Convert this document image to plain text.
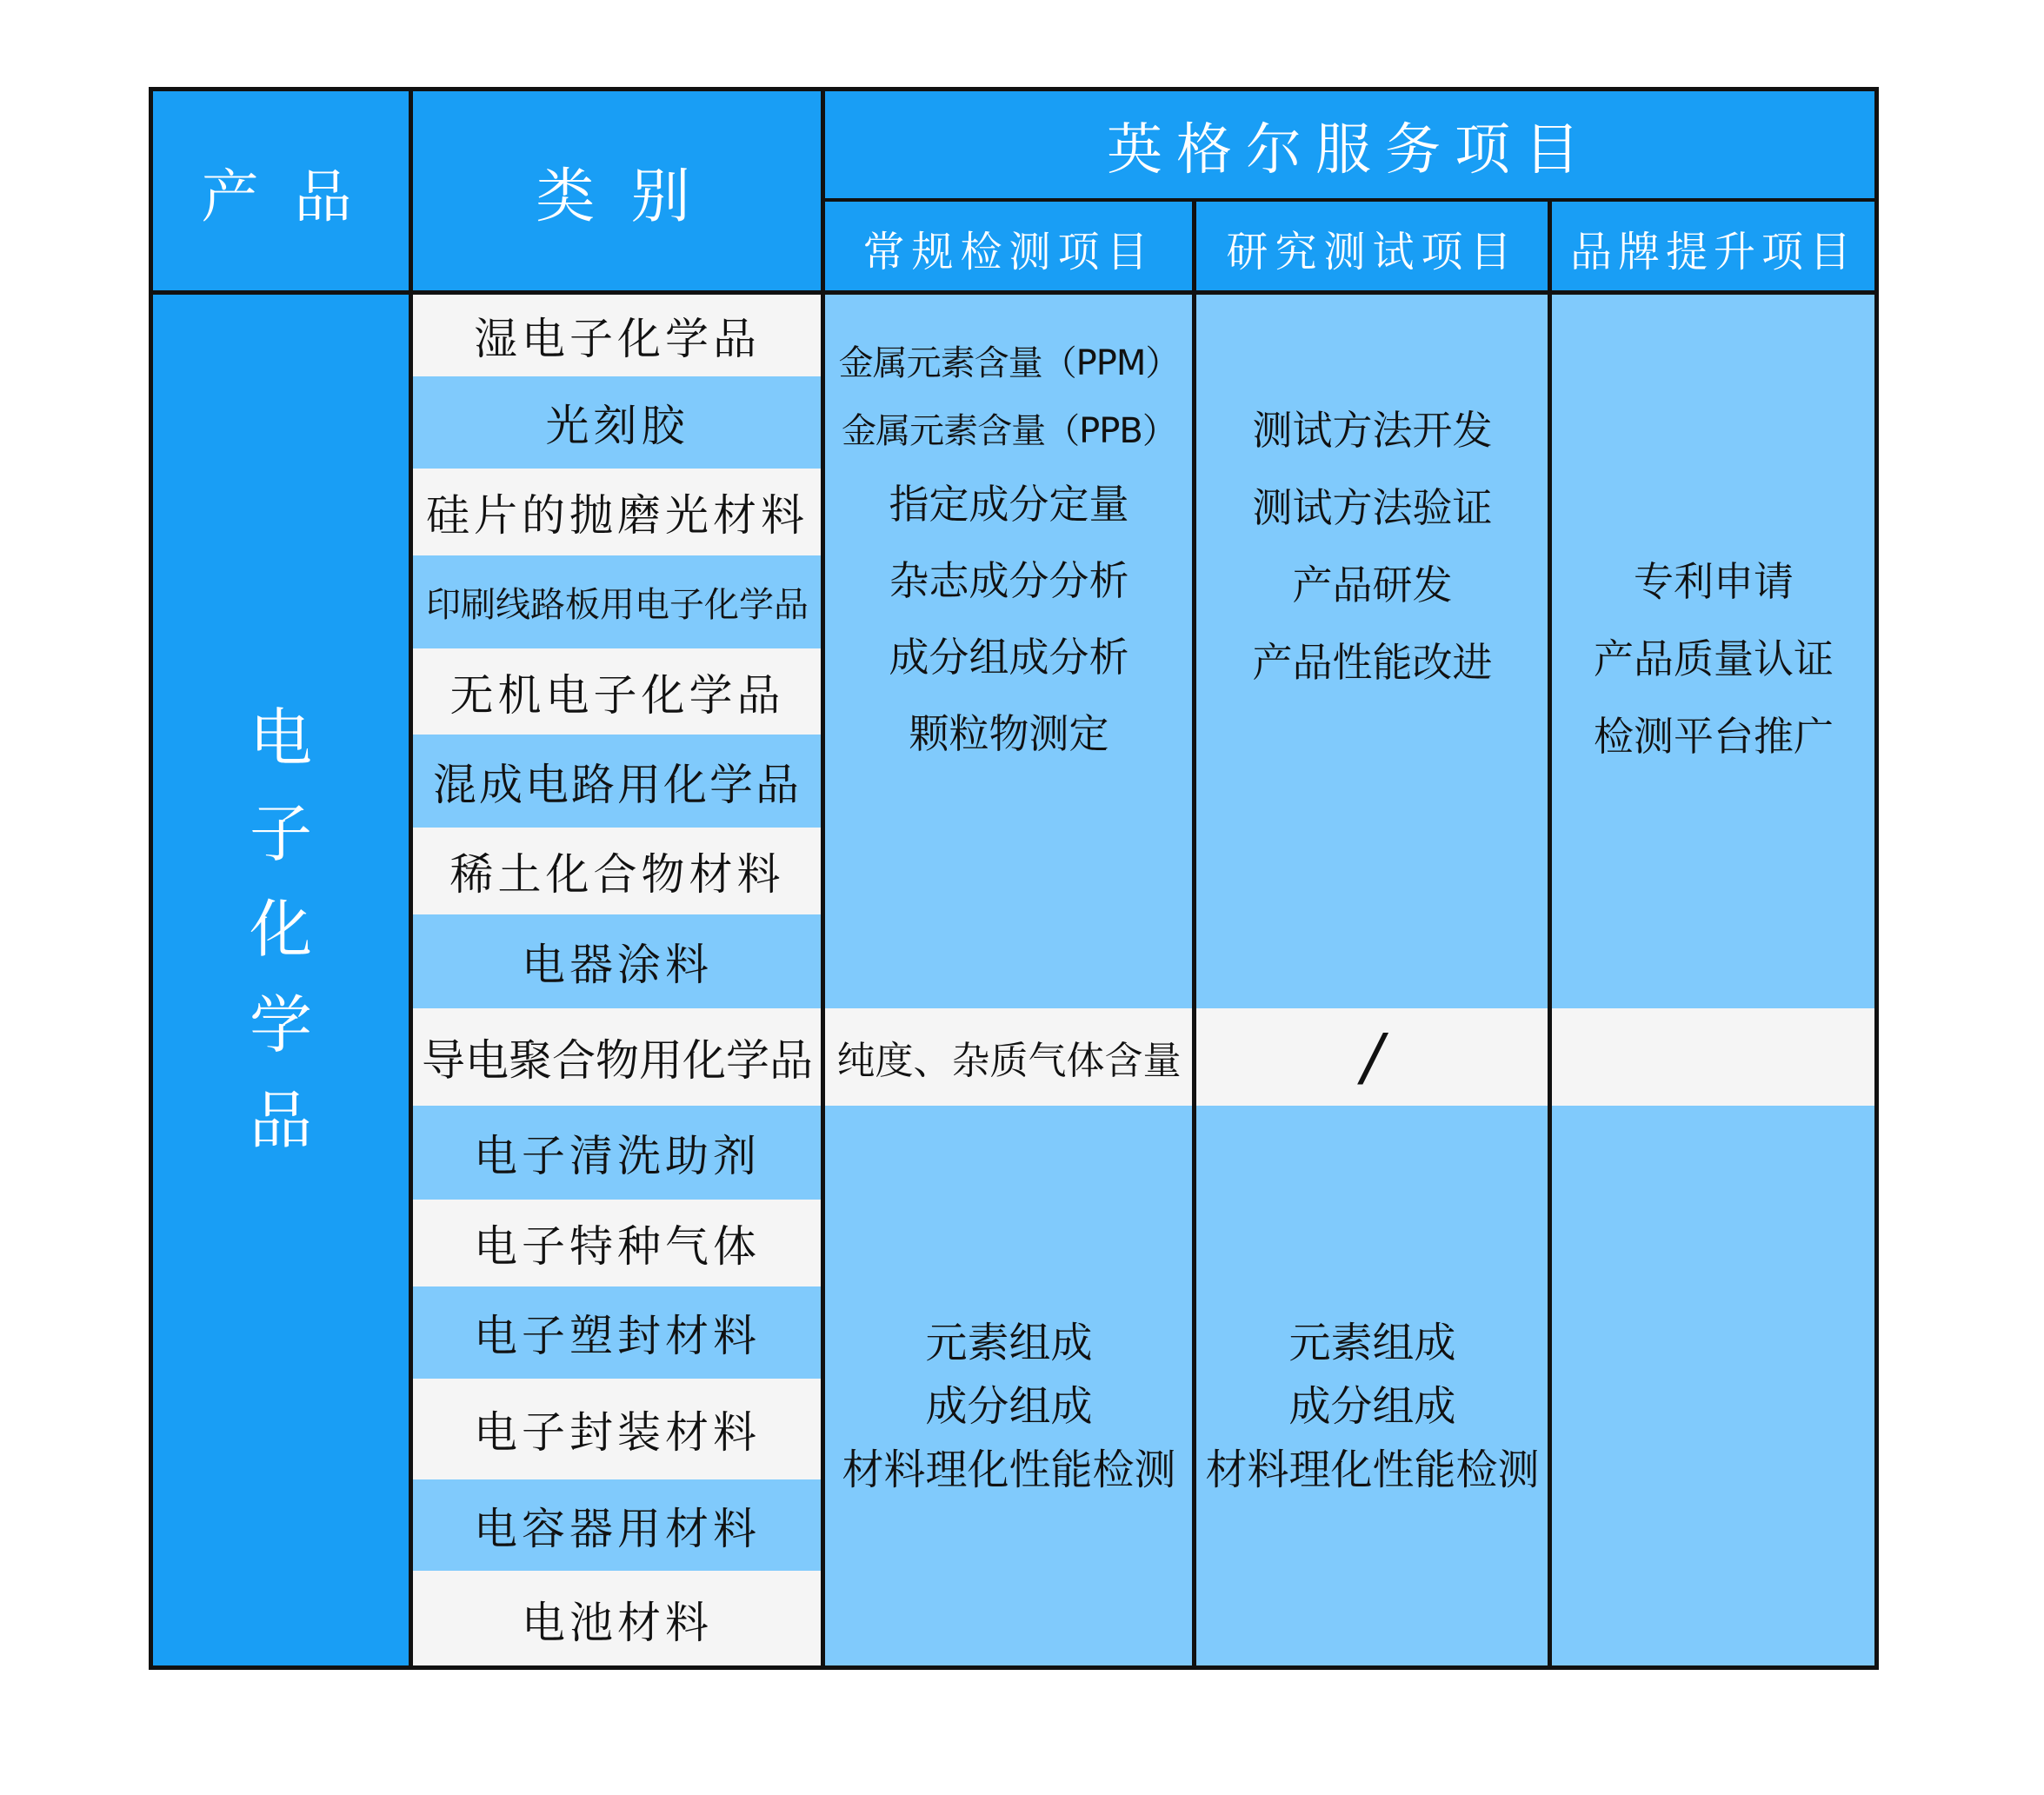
产 品	类 别
英格尔服务项目
常规检测项目 研究测试项目 品牌提升项目
电
子
化
学
品
湿电子化学品
光刻胶
硅片的抛磨光材料
印刷线路板用电子化学品
无机电子化学品
混成电路用化学品
稀土化合物材料
电器涂料
导电聚合物用化学品
电子清洗助剂
电子特种气体
电子塑封材料
电子封装材料
电容器用材料
电池材料
金属元素含量（PPM）
金属元素含量（PPB）
指定成分定量
杂志成分分析
成分组成分析
颗粒物测定
测试方法开发
测试方法验证
产品研发
产品性能改进
专利申请
产品质量认证
检测平台推广
纯度、杂质气体含量	/
元素组成
成分组成
材料理化性能检测
元素组成
成分组成
材料理化性能检测
